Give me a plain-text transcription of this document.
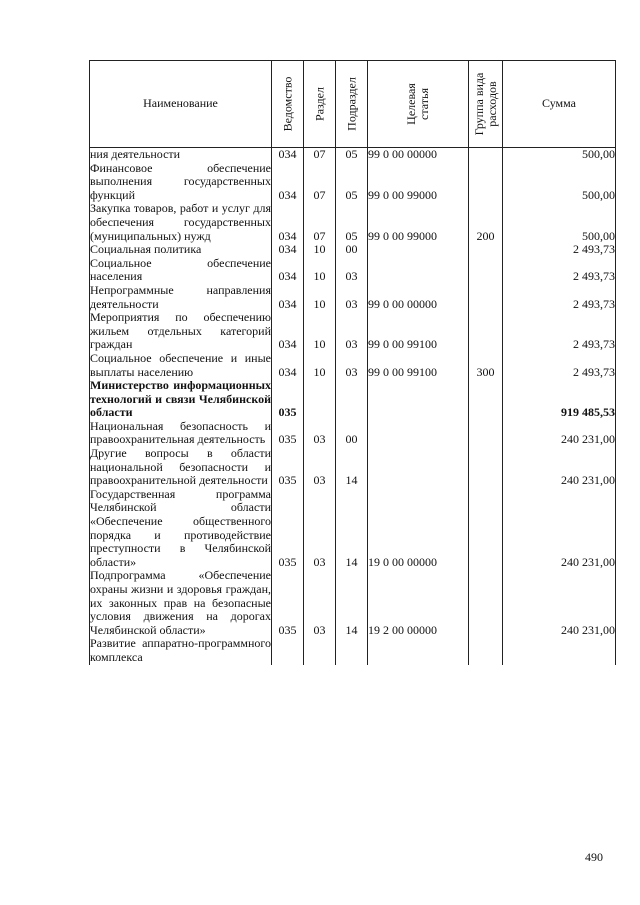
Наименование	Ведомство	Раздел	Подраздел	Целевая статья	Группа вида расходов	Сумма
ния деятельности	034	07	05	99 0 00 00000		500,00
Финансовое обеспечение выполнения государственных функций	034	07	05	99 0 00 99000		500,00
Закупка товаров, работ и услуг для обеспечения государственных (муниципальных) нужд	034	07	05	99 0 00 99000	200	500,00
Социальная политика	034	10	00			2 493,73
Социальное обеспечение населения	034	10	03			2 493,73
Непрограммные направления деятельности	034	10	03	99 0 00 00000		2 493,73
Мероприятия по обеспечению жильем отдельных категорий граждан	034	10	03	99 0 00 99100		2 493,73
Социальное обеспечение и иные выплаты населению	034	10	03	99 0 00 99100	300	2 493,73
Министерство информационных технологий и связи Челябинской области	035					919 485,53
Национальная безопасность и правоохранительная деятельность	035	03	00			240 231,00
Другие вопросы в области национальной безопасности и правоохранительной деятельности	035	03	14			240 231,00
Государственная программа Челябинской области «Обеспечение общественного порядка и противодействие преступности в Челябинской области»	035	03	14	19 0 00 00000		240 231,00
Подпрограмма «Обеспечение охраны жизни и здоровья граждан, их законных прав на безопасные условия движения на дорогах Челябинской области»	035	03	14	19 2 00 00000		240 231,00
Развитие аппаратно-программного комплекса						
490
